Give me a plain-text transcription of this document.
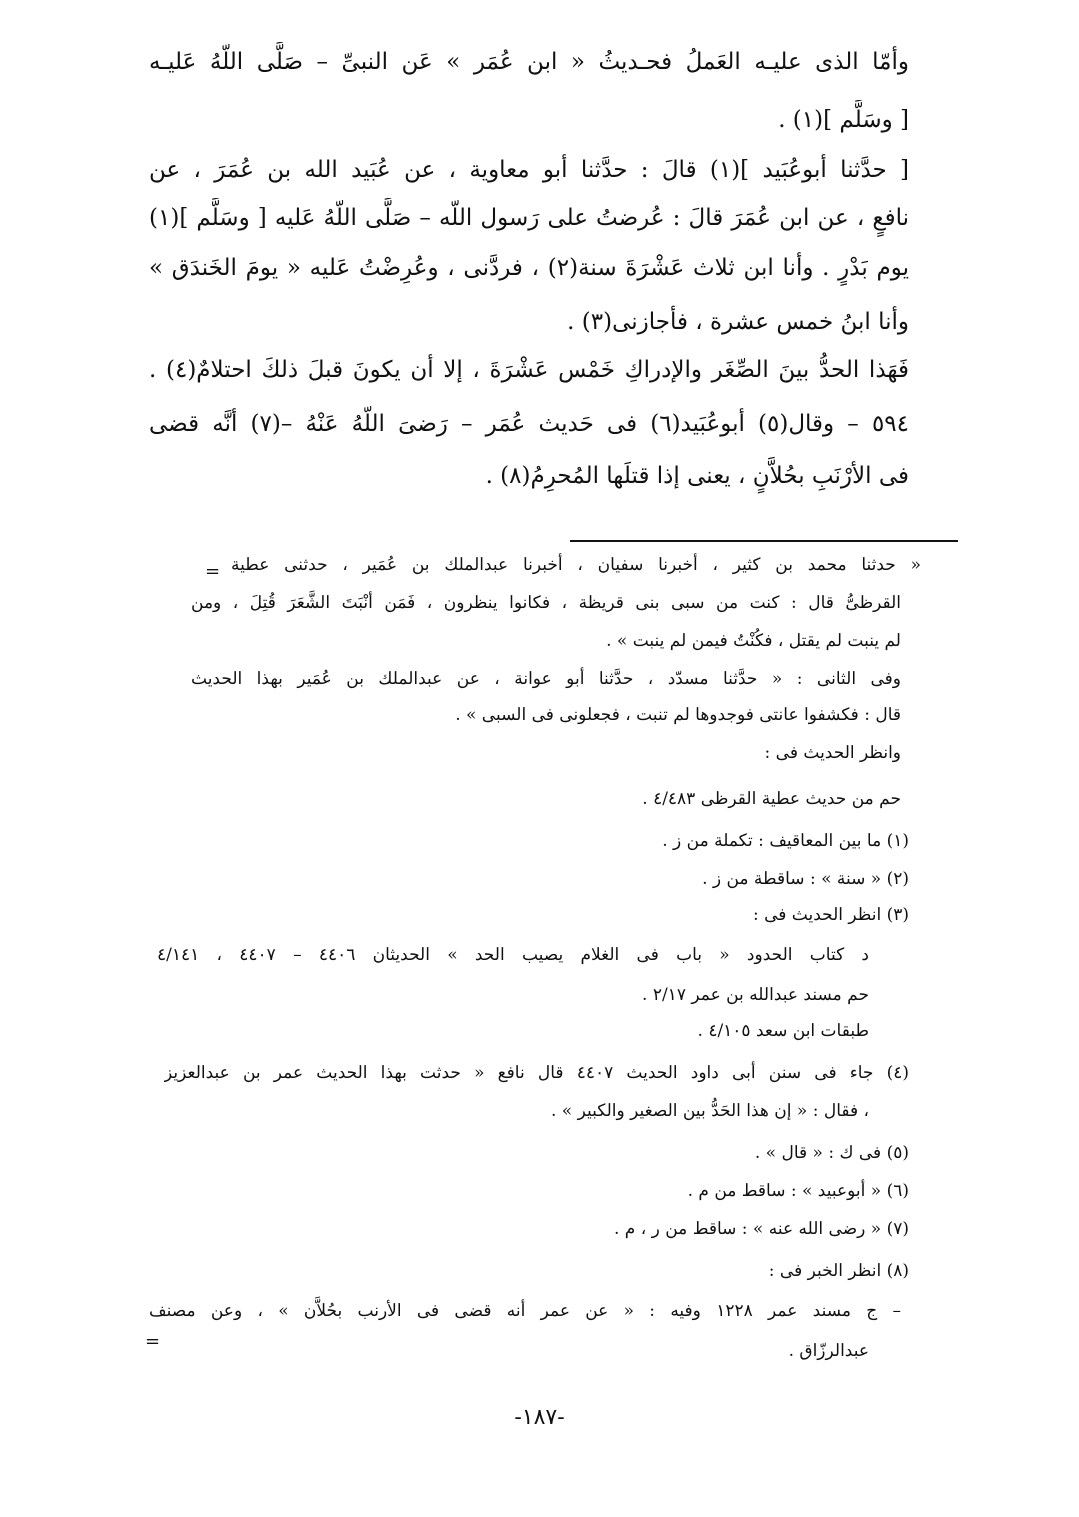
وأمّا الذى عليـه العَملُ فحـديثُ « ابن عُمَر » عَن النبىِّ – صَلَّى اللّهُ عَليـه
[ وسَلَّم ](١) .
[ حدَّثنا أبوعُبَيد ](١) قالَ : حدَّثنا أبو معاوية ، عن عُبَيد الله بن عُمَرَ ، عن
نافعٍ ، عن ابن عُمَرَ قالَ : عُرضتُ على رَسول اللّه – صَلَّى اللّهُ عَليه [ وسَلَّم ](١)
يوم بَدْرٍ . وأنا ابن ثلاث عَشْرَةَ سنة(٢) ، فردَّنى ، وعُرِضْتُ عَليه « يومَ الخَندَق »
وأنا ابنُ خمس عشرة ، فأجازنى(٣) .
فَهَذا الحدُّ بينَ الصِّغَر والإدراكِ خَمْس عَشْرَةَ ، إلا أن يكونَ قبلَ ذلكَ احتلامٌ(٤) .
٥٩٤ – وقال(٥) أبوعُبَيد(٦) فى حَديث عُمَر – رَضىَ اللّهُ عَنْهُ –(٧) أنَّه قضى
فى الأرْنَبِ بحُلاَّنٍ ، يعنى إذا قتلَها المُحرِمُ(٨) .
= « حدثنا محمد بن كثير ، أخبرنا سفيان ، أخبرنا عبدالملك بن عُمَير ، حدثنى عطية
القرظىُّ قال : كنت من سبى بنى قريظة ، فكانوا ينظرون ، فَمَن أنْبَتَ الشَّعَرَ قُتِلَ ، ومن
لم ينبت لم يقتل ، فكُنْتُ فيمن لم ينبت » .
وفى الثانى : « حدَّثنا مسدّد ، حدَّثنا أبو عوانة ، عن عبدالملك بن عُمَير بهذا الحديث
قال : فكشفوا عانتى فوجدوها لم تنبت ، فجعلونى فى السبى » .
وانظر الحديث فى :
حم من حديث عطية القرظى ٤/٤٨٣ .
(١) ما بين المعاقيف : تكملة من ز .
(٢) « سنة » : ساقطة من ز .
(٣) انظر الحديث فى :
د كتاب الحدود « باب فى الغلام يصيب الحد » الحديثان ٤٤٠٦ – ٤٤٠٧ ، ٤/١٤١
حم مسند عبدالله بن عمر ٢/١٧ .
طبقات ابن سعد ٤/١٠٥ .
(٤) جاء فى سنن أبى داود الحديث ٤٤٠٧ قال نافع « حدثت بهذا الحديث عمر بن عبدالعزيز
، فقال : « إن هذا الحَدُّ بين الصغير والكبير » .
(٥) فى ك : « قال » .
(٦) « أبوعبيد » : ساقط من م .
(٧) « رضى الله عنه » : ساقط من ر ، م .
(٨) انظر الخبر فى :
– ج مسند عمر ١٢٢٨ وفيه : « عن عمر أنه قضى فى الأرنب بحُلاَّن » ، وعن مصنف
عبدالرزّاق .
=
-١٨٧-
